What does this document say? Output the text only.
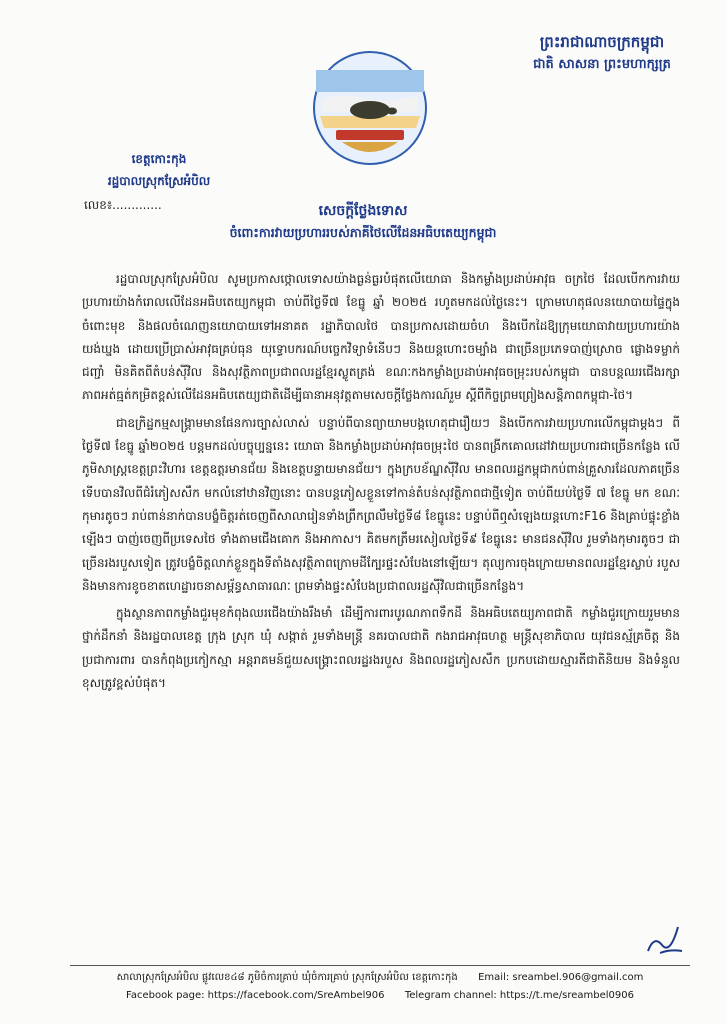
ព្រះរាជាណាចក្រកម្ពុជា
ជាតិ សាសនា ព្រះមហាក្សត្រ
ខេត្តកោះកុង
រដ្ឋបាលស្រុកស្រែអំបិល
លេខ៖.............	សេចក្តីថ្លែងទោស
ចំពោះការវាយប្រហាររបស់ភាគីថៃលើដែនអធិបតេយ្យកម្ពុជា

រដ្ឋបាលស្រុកស្រែអំបិល សូមប្រកាសថ្កោលទោសយ៉ាងធ្ងន់ធ្ងរបំផុតលើយោធា និងកម្លាំងប្រដាប់អាវុធ ចក្រថៃ ដែលបើកការវាយប្រហារយ៉ាងកំរោលលើដែនអធិបតេយ្យកម្ពុជា ចាប់ពីថ្ងៃទី៧ ខែធ្នូ ឆ្នាំ ២០២៥ រហូតមកដល់ថ្ងៃនេះ។ ក្រោមហេតុផលនយោបាយផ្ទៃក្នុងចំពោះមុខ និងផលចំណេញនយោបាយទៅអនាគត រដ្ឋាភិបាលថៃ បានប្រកាសដោយចំហ និងបើកដៃឱ្យក្រុមយោធាវាយប្រហារយ៉ាងយង់ឃ្នង ដោយប្រើប្រាស់អាវុធគ្រប់ធុន យុទ្ធោបករណ៍បច្ចេកវិទ្យាទំនើបៗ និងយន្តហោះចម្បាំង ជាច្រើនប្រភេទបាញ់ស្រោច ផ្លោងទម្លាក់ ជញ្ជាំ មិនគិតពីតំបន់ស៊ីវិល និងសុវត្ថិភាពប្រជាពលរដ្ឋខ្មែរស្លូតត្រង់ ខណៈកងកម្លាំងប្រដាប់អាវុធចម្រុះរបស់កម្ពុជា បានបន្តឈរជើងរក្សាភាពអត់ធ្មត់កម្រិតខ្ពស់លើដែនអធិបតេយ្យជាតិដើម្បីធានាអនុវត្តតាមសេចក្តីថ្លែងការណ៍រួម ស្តីពីកិច្ចព្រមព្រៀងសន្តិភាពកម្ពុជា-ថៃ។

ជាឧក្រិដ្ឋកម្មសង្គ្រាមមានផែនការច្បាស់លាស់ បន្ទាប់ពីបានព្យាយាមបង្កហេតុជារឿយៗ និងបើកការវាយប្រហារលើកម្ពុជាម្តងៗ ពីថ្ងៃទី៧ ខែធ្នូ ឆ្នាំ២០២៥ បន្តមកដល់បច្ចុប្បន្ននេះ យោធា និងកម្លាំងប្រដាប់អាវុធចម្រុះថៃ បានពង្រីកគោលដៅវាយប្រហារជាច្រើនកន្លែង លើភូមិសាស្រ្តខេត្តព្រះវិហារ ខេត្តឧត្តរមានជ័យ និងខេត្តបន្ទាយមានជ័យ។ ក្នុងក្របខ័ណ្ឌស៊ីវិល មានពលរដ្ឋកម្ពុជាកប់ពាន់គ្រួសារដែលភាគច្រើនទើបបានវិលពីជំរំភៀសសឹក មកលំនៅឋានវិញនោះ បានបន្តភៀសខ្លួនទៅកាន់តំបន់សុវត្ថិភាពជាថ្មីទៀត ចាប់ពីយប់ថ្ងៃទី ៧ ខែធ្នូ មក ខណៈកុមារតូចៗ រាប់ពាន់នាក់បានបង្ខំចិត្តរត់ចេញពីសាលារៀនទាំងព្រឹកព្រលឹមថ្ងៃទី៨ ខែធ្នូនេះ បន្ទាប់ពីឮសំឡេងយន្តហោះF16 និងគ្រាប់ផ្ទុះខ្លាំងឡើងៗ បាញ់ចេញពីប្រទេសថៃ ទាំងតាមជើងគោក និងអាកាស។ គិតមកត្រឹមរសៀលថ្ងៃទី៩ ខែធ្នូនេះ មានជនស៊ីវិល រួមទាំងកុមារតូចៗ ជាច្រើនរងរបួសទៀត ត្រូវបង្ខំចិត្តលាក់ខ្លួនក្នុងទីតាំងសុវត្ថិភាពក្រោមដីក្បែរផ្ទះសំបែងនៅឡើយ។ តុល្យការចុងក្រោយមានពលរដ្ឋខ្មែរស្លាប់ របួស និងមានការខូចខាតហេដ្ឋារចនាសម្ព័ន្ធសាធារណៈ ព្រមទាំងផ្ទះសំបែងប្រជាពលរដ្ឋស៊ីវិលជាច្រើនកន្លែង។

ក្នុងស្ថានភាពកម្លាំងជួរមុខកំពុងឈរជើងយ៉ាងរឹងមាំ ដើម្បីការពារបូរណភាពទឹកដី និងអធិបតេយ្យភាពជាតិ កម្លាំងជួរក្រោយរួមមានថ្នាក់ដឹកនាំ និងរដ្ឋបាលខេត្ត ក្រុង ស្រុក ឃុំ សង្កាត់ រួមទាំងមន្ត្រី នគរបាលជាតិ កងរាជអាវុធហត្ថ មន្ត្រីសុខាភិបាល យុវជនស្ម័គ្រចិត្ត និងប្រជាការពារ បានកំពុងប្រកៀកស្មា អន្តរាគមន៍ជួយសង្គ្រោះពលរដ្ឋរងរបួស និងពលរដ្ឋភៀសសឹក ប្រកបដោយស្មារតីជាតិនិយម និងទំនួលខុសត្រូវខ្ពស់បំផុត។

សាលាស្រុកស្រែអំបិល ផ្លូវលេខ៤៨ ភូមិចំការគ្រាប់ ឃុំចំការគ្រាប់ ស្រុកស្រែអំបិល ខេត្តកោះកុង Email: sreambel.906@gmail.com
Facebook page: https://facebook.com/SreAmbel906 Telegram channel: https://t.me/sreambel0906
